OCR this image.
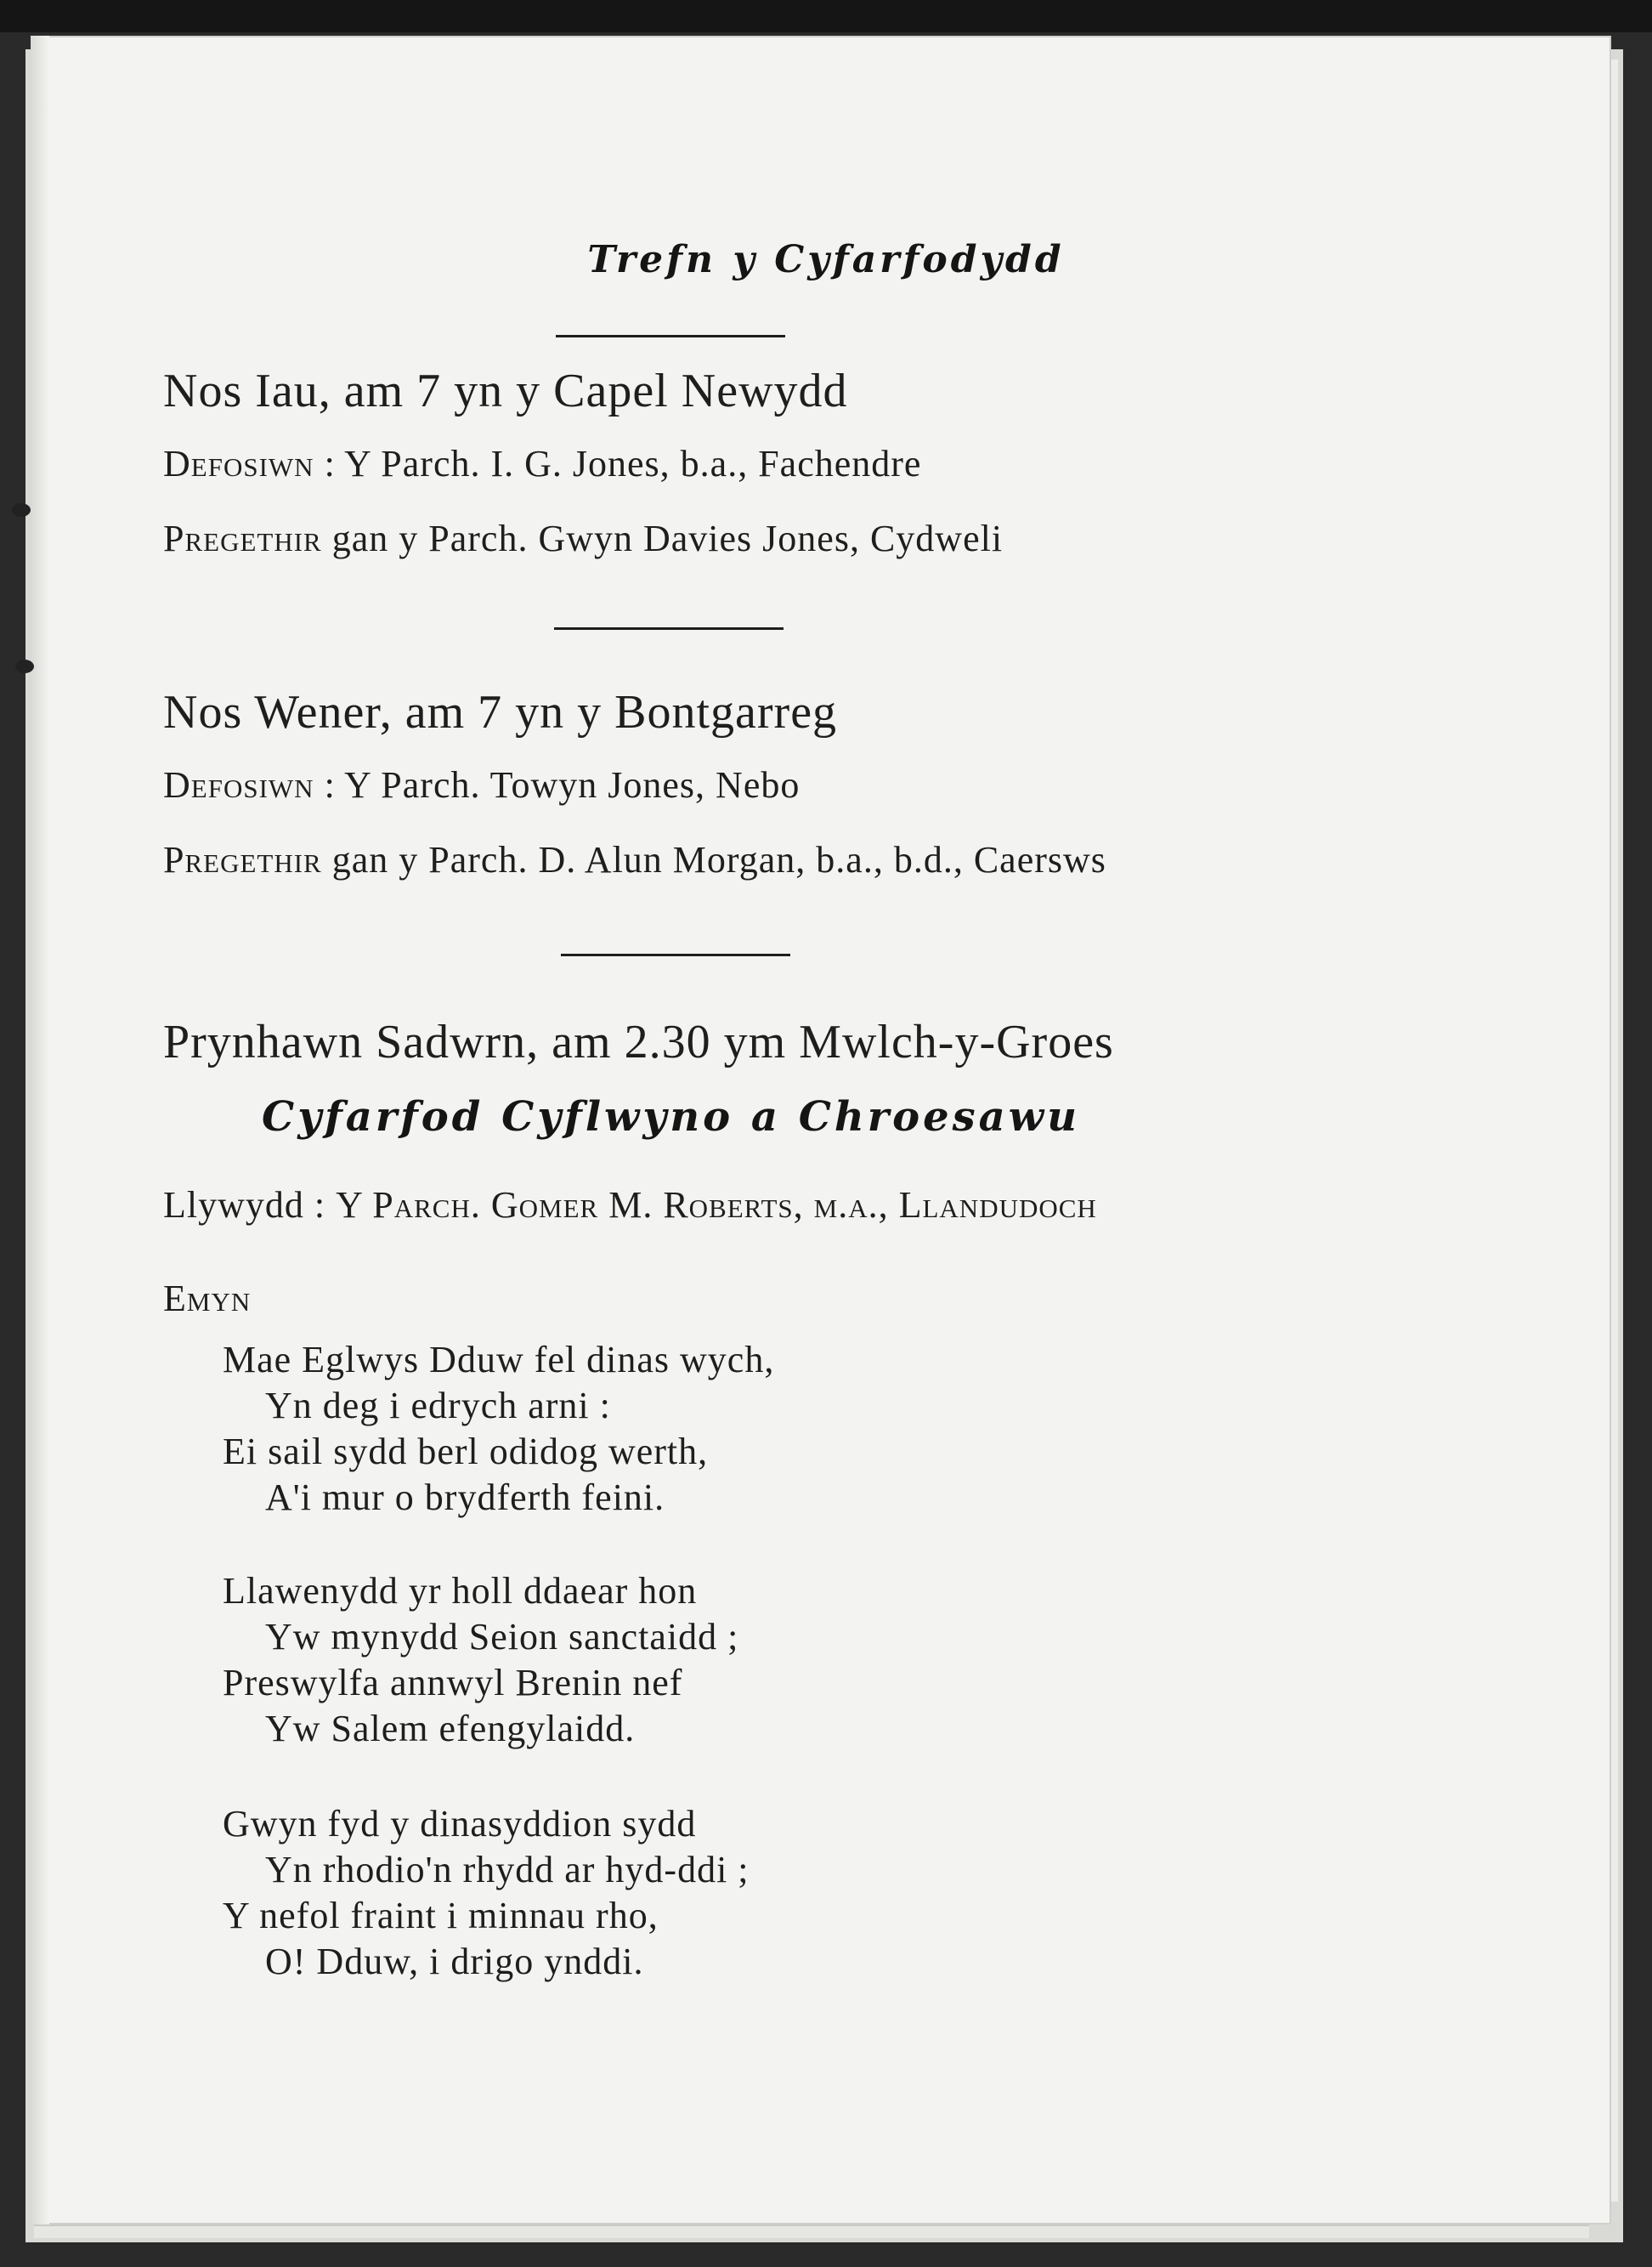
Trefn y Cyfarfodydd
Nos Iau, am 7 yn y Capel Newydd
Defosiwn : Y Parch. I. G. Jones, b.a., Fachendre
Pregethir gan y Parch. Gwyn Davies Jones, Cydweli
Nos Wener, am 7 yn y Bontgarreg
Defosiwn : Y Parch. Towyn Jones, Nebo
Pregethir gan y Parch. D. Alun Morgan, b.a., b.d., Caersws
Prynhawn Sadwrn, am 2.30 ym Mwlch-y-Groes
Cyfarfod Cyflwyno a Chroesawu
Llywydd : Y Parch. Gomer M. Roberts, m.a., Llandudoch
Emyn
Mae Eglwys Dduw fel dinas wych,
Yn deg i edrych arni :
Ei sail sydd berl odidog werth,
A'i mur o brydferth feini.
Llawenydd yr holl ddaear hon
Yw mynydd Seion sanctaidd ;
Preswylfa annwyl Brenin nef
Yw Salem efengylaidd.
Gwyn fyd y dinasyddion sydd
Yn rhodio'n rhydd ar hyd-ddi ;
Y nefol fraint i minnau rho,
O! Dduw, i drigo ynddi.
